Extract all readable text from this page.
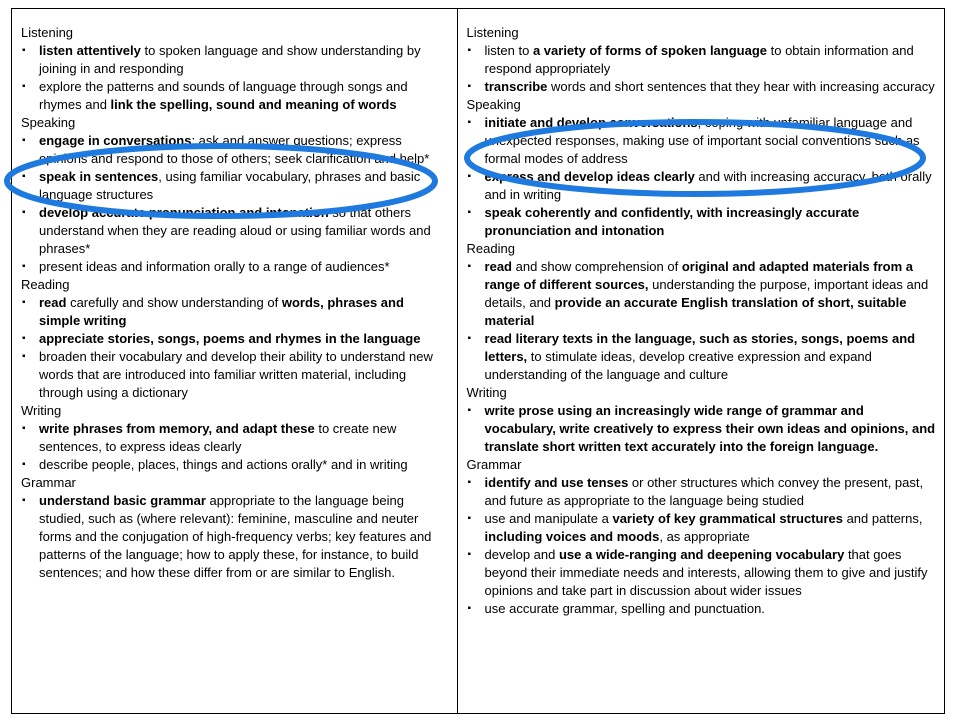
Listening
▪ listen attentively to spoken language and show understanding by joining in and responding
▪ explore the patterns and sounds of language through songs and rhymes and link the spelling, sound and meaning of words
Speaking
▪ engage in conversations; ask and answer questions; express opinions and respond to those of others; seek clarification and help*
▪ speak in sentences, using familiar vocabulary, phrases and basic language structures
▪ develop accurate pronunciation and intonation so that others understand when they are reading aloud or using familiar words and phrases*
▪ present ideas and information orally to a range of audiences*
Reading
▪ read carefully and show understanding of words, phrases and simple writing
▪ appreciate stories, songs, poems and rhymes in the language
▪ broaden their vocabulary and develop their ability to understand new words that are introduced into familiar written material, including through using a dictionary
Writing
▪ write phrases from memory, and adapt these to create new sentences, to express ideas clearly
▪ describe people, places, things and actions orally* and in writing
Grammar
▪ understand basic grammar appropriate to the language being studied, such as (where relevant): feminine, masculine and neuter forms and the conjugation of high-frequency verbs; key features and patterns of the language; how to apply these, for instance, to build sentences; and how these differ from or are similar to English.
Listening
▪ listen to a variety of forms of spoken language to obtain information and respond appropriately
▪ transcribe words and short sentences that they hear with increasing accuracy
Speaking
▪ initiate and develop conversations, coping with unfamiliar language and unexpected responses, making use of important social conventions such as formal modes of address
▪ express and develop ideas clearly and with increasing accuracy, both orally and in writing
▪ speak coherently and confidently, with increasingly accurate pronunciation and intonation
Reading
▪ read and show comprehension of original and adapted materials from a range of different sources, understanding the purpose, important ideas and details, and provide an accurate English translation of short, suitable material
▪ read literary texts in the language, such as stories, songs, poems and letters, to stimulate ideas, develop creative expression and expand understanding of the language and culture
Writing
▪ write prose using an increasingly wide range of grammar and vocabulary, write creatively to express their own ideas and opinions, and translate short written text accurately into the foreign language.
Grammar
▪ identify and use tenses or other structures which convey the present, past, and future as appropriate to the language being studied
▪ use and manipulate a variety of key grammatical structures and patterns, including voices and moods, as appropriate
▪ develop and use a wide-ranging and deepening vocabulary that goes beyond their immediate needs and interests, allowing them to give and justify opinions and take part in discussion about wider issues
▪ use accurate grammar, spelling and punctuation.
